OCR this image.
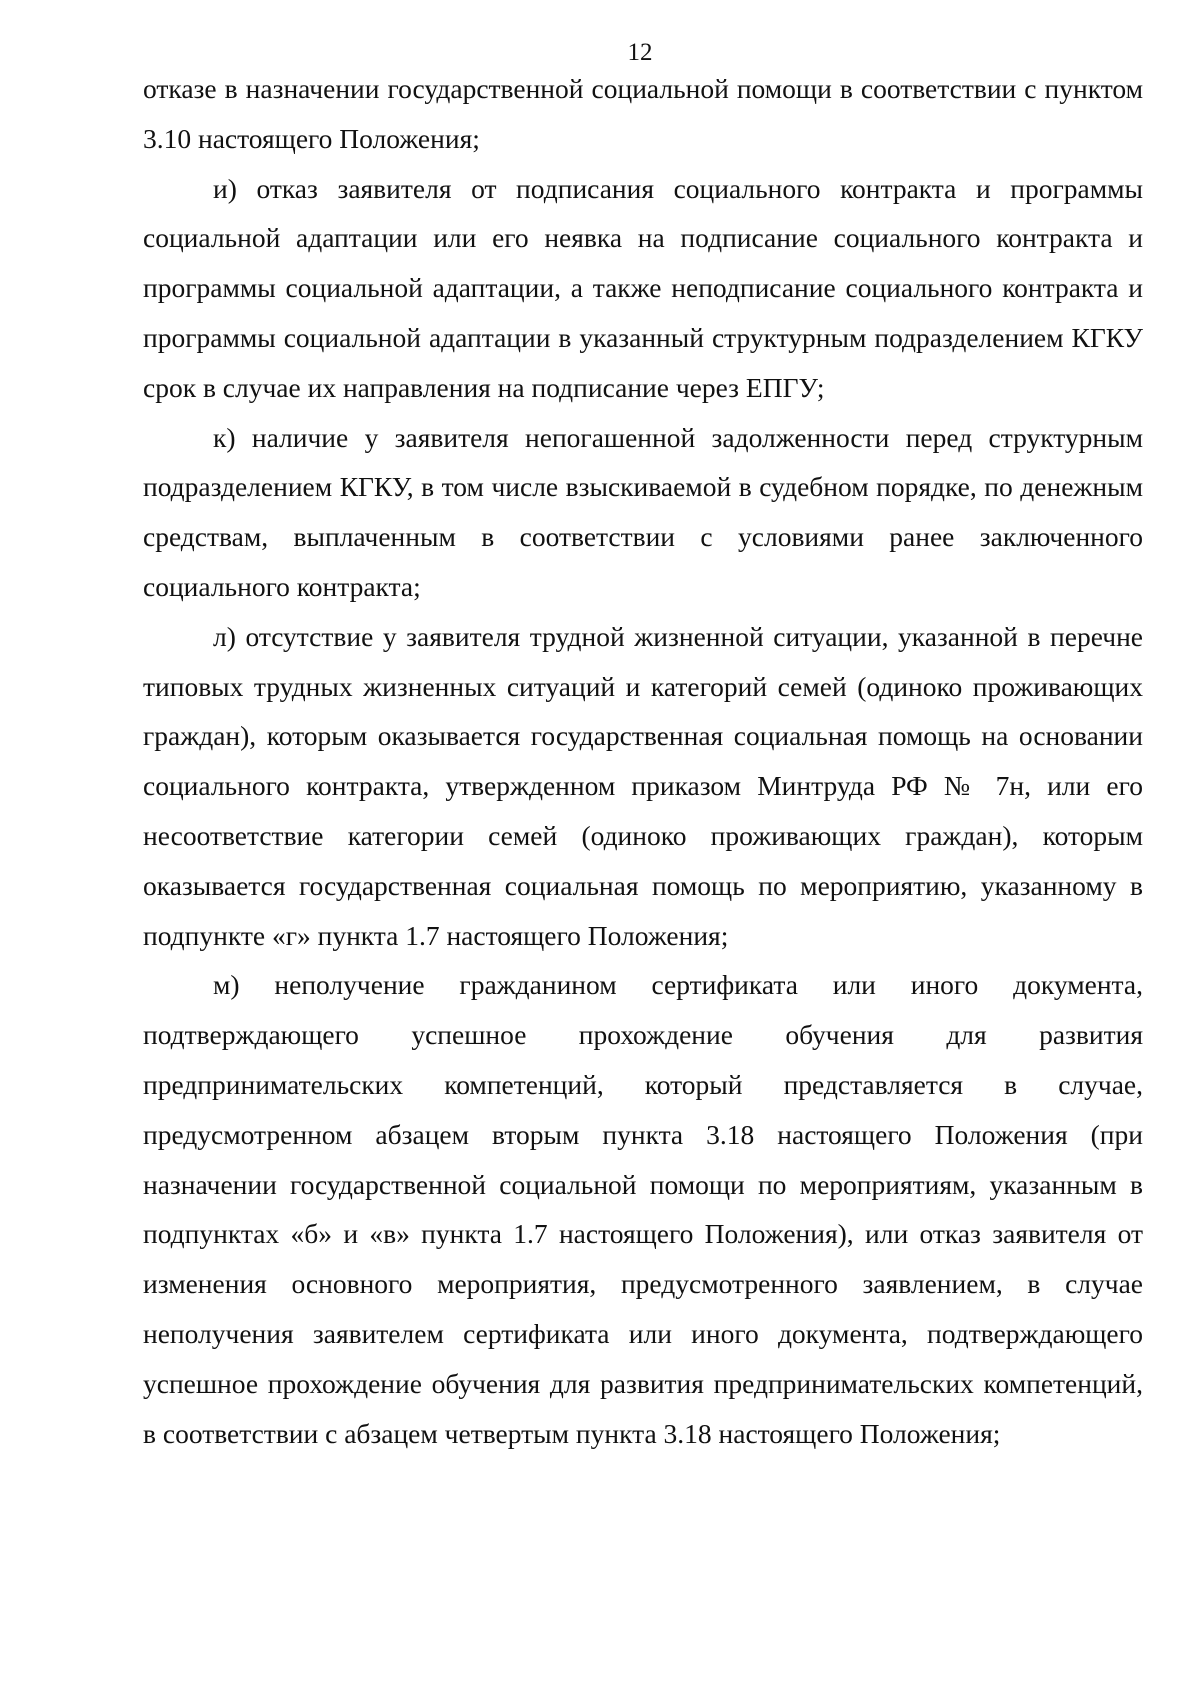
12

отказе в назначении государственной социальной помощи в соответствии с пунктом 3.10 настоящего Положения;

и) отказ заявителя от подписания социального контракта и программы социальной адаптации или его неявка на подписание социального контракта и программы социальной адаптации, а также неподписание социального контракта и программы социальной адаптации в указанный структурным подразделением КГКУ срок в случае их направления на подписание через ЕПГУ;

к) наличие у заявителя непогашенной задолженности перед структурным подразделением КГКУ, в том числе взыскиваемой в судебном порядке, по денежным средствам, выплаченным в соответствии с условиями ранее заключенного социального контракта;

л) отсутствие у заявителя трудной жизненной ситуации, указанной в перечне типовых трудных жизненных ситуаций и категорий семей (одиноко проживающих граждан), которым оказывается государственная социальная помощь на основании социального контракта, утвержденном приказом Минтруда РФ № 7н, или его несоответствие категории семей (одиноко проживающих граждан), которым оказывается государственная социальная помощь по мероприятию, указанному в подпункте «г» пункта 1.7 настоящего Положения;

м) неполучение гражданином сертификата или иного документа, подтверждающего успешное прохождение обучения для развития предпринимательских компетенций, который представляется в случае, предусмотренном абзацем вторым пункта 3.18 настоящего Положения (при назначении государственной социальной помощи по мероприятиям, указанным в подпунктах «б» и «в» пункта 1.7 настоящего Положения), или отказ заявителя от изменения основного мероприятия, предусмотренного заявлением, в случае неполучения заявителем сертификата или иного документа, подтверждающего успешное прохождение обучения для развития предпринимательских компетенций, в соответствии с абзацем четвертым пункта 3.18 настоящего Положения;
